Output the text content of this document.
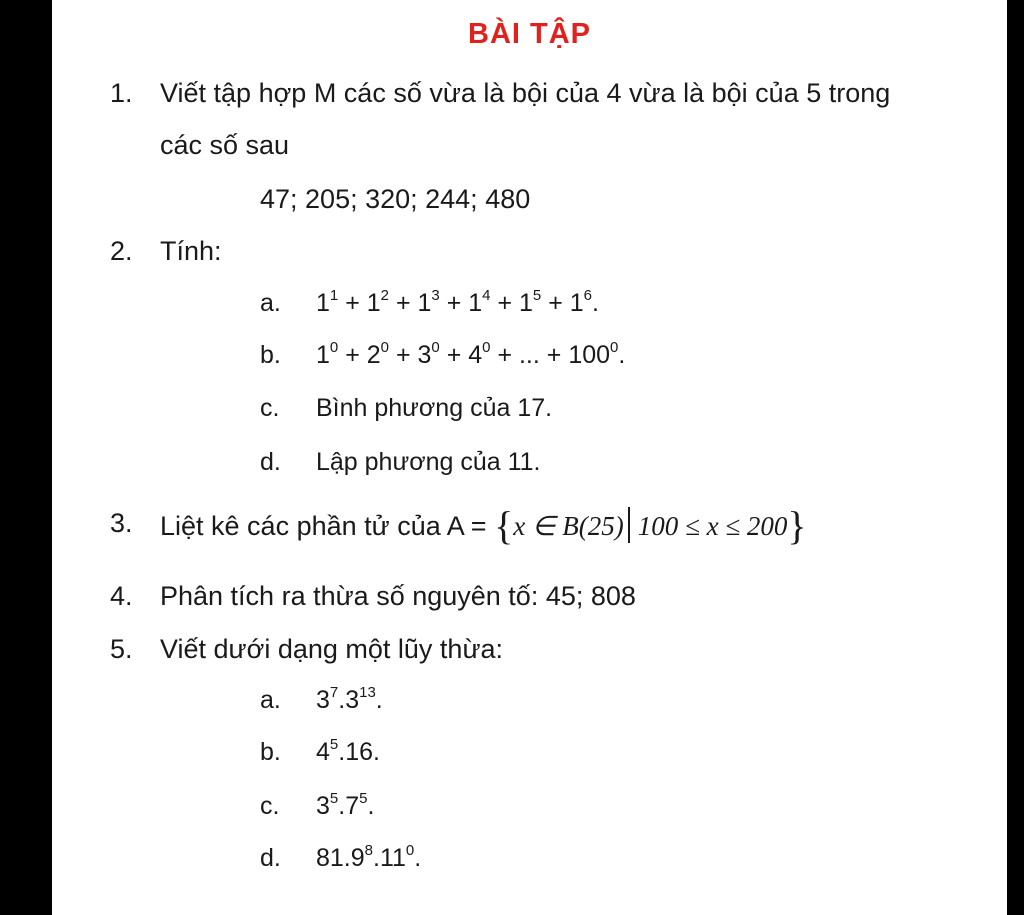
BÀI TẬP
1. Viết tập hợp M các số vừa là bội của 4 vừa là bội của 5 trong
các số sau
47; 205; 320; 244; 480
2. Tính:
a. $1^1 + 1^2 + 1^3 + 1^4 + 1^5 + 1^6$.
b. $1^0 + 2^0 + 3^0 + 4^0$ + ... + $100^0$.
c. Bình phương của 17.
d. Lập phương của 11.
3. Liệt kê các phần tử của A = {x ∈ B(25) 100 ≤ x ≤ 200}
4. Phân tích ra thừa số nguyên tố: 45; 808
5. Viết dưới dạng một lũy thừa:
a. $3^7.3^{13}$.
b. $4^5.16$.
c. $3^5.7^5$.
d. $81.9^8.11^0$.
